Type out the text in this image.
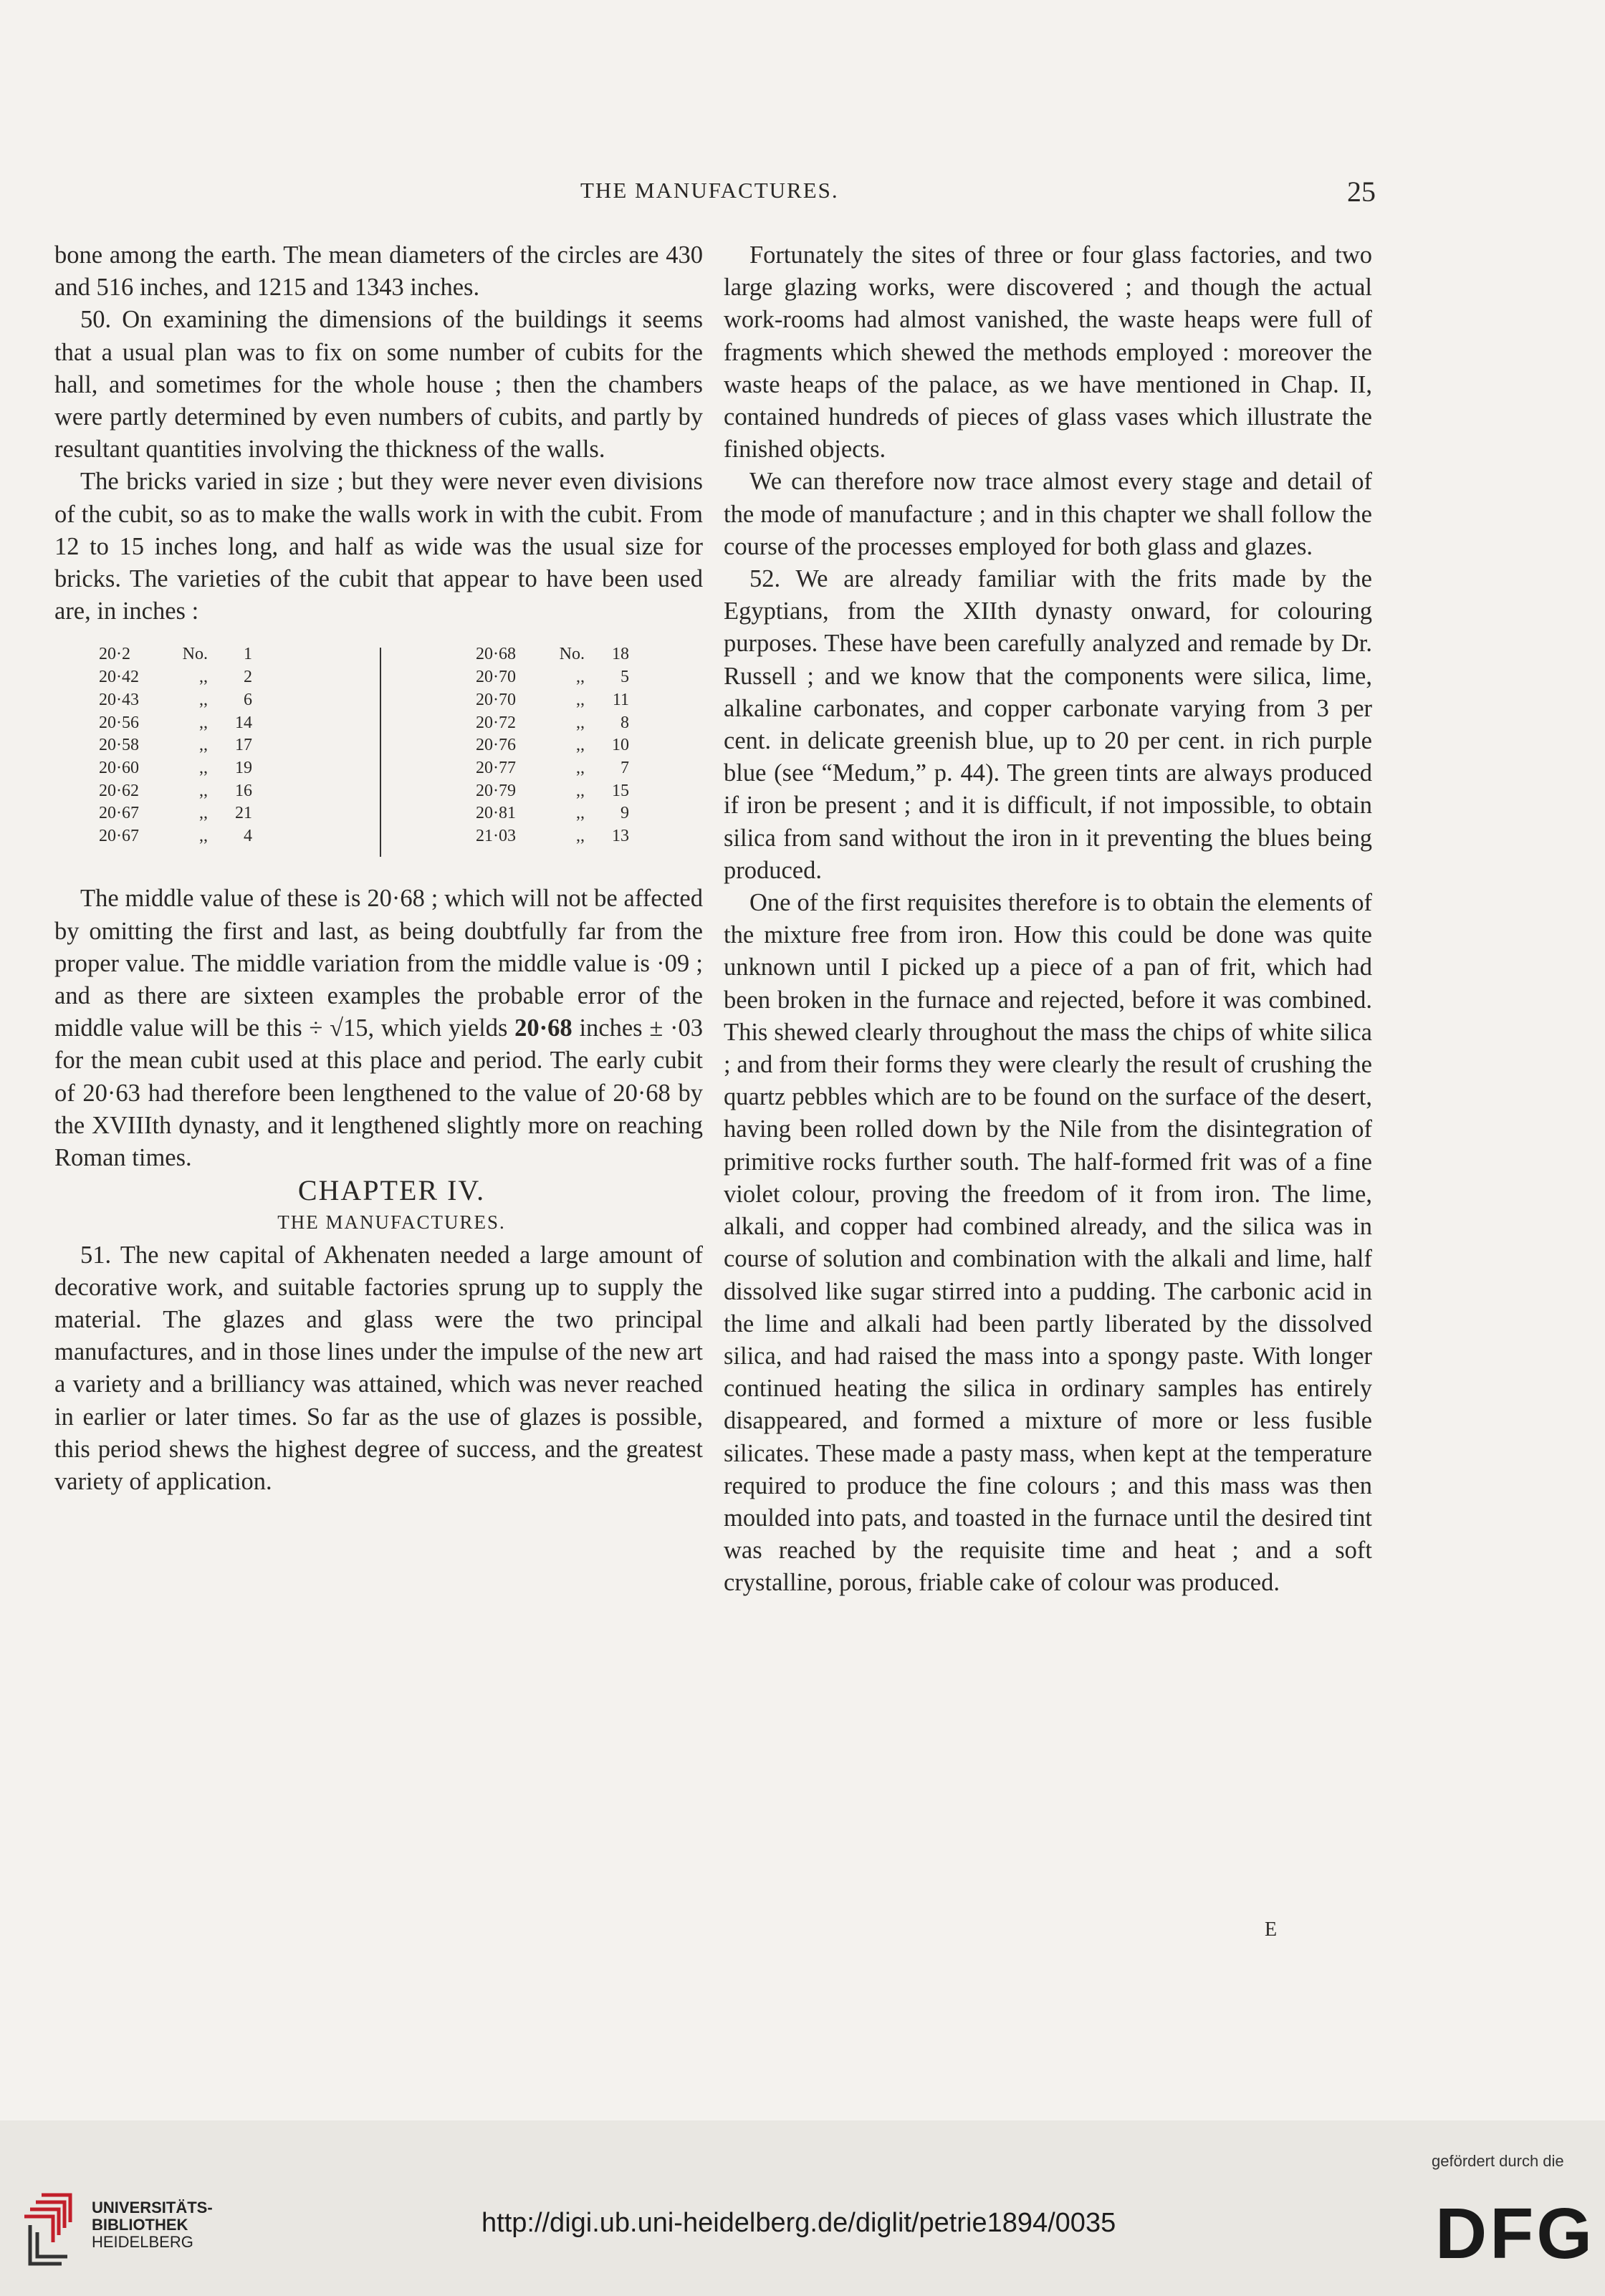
THE MANUFACTURES.	25

bone among the earth. The mean diameters of the circles are 430 and 516 inches, and 1215 and 1343 inches.

50. On examining the dimensions of the buildings it seems that a usual plan was to fix on some number of cubits for the hall, and sometimes for the whole house ; then the chambers were partly determined by even numbers of cubits, and partly by resultant quantities involving the thickness of the walls.

The bricks varied in size ; but they were never even divisions of the cubit, so as to make the walls work in with the cubit. From 12 to 15 inches long, and half as wide was the usual size for bricks. The varieties of the cubit that appear to have been used are, in inches :

20·2	No.	1
20·42	,,	2
20·43	,,	6
20·56	,,	14
20·58	,,	17
20·60	,,	19
20·62	,,	16
20·67	,,	21
20·67	,,	4
20·68	No.	18
20·70	,,	5
20·70	,,	11
20·72	,,	8
20·76	,,	10
20·77	,,	7
20·79	,,	15
20·81	,,	9
21·03	,,	13

The middle value of these is 20·68 ; which will not be affected by omitting the first and last, as being doubtfully far from the proper value. The middle variation from the middle value is ·09 ; and as there are sixteen examples the probable error of the middle value will be this ÷ √15, which yields 20·68 inches ± ·03 for the mean cubit used at this place and period. The early cubit of 20·63 had therefore been lengthened to the value of 20·68 by the XVIIIth dynasty, and it lengthened slightly more on reaching Roman times.

CHAPTER IV.

THE MANUFACTURES.

51. The new capital of Akhenaten needed a large amount of decorative work, and suitable factories sprung up to supply the material. The glazes and glass were the two principal manufactures, and in those lines under the impulse of the new art a variety and a brilliancy was attained, which was never reached in earlier or later times. So far as the use of glazes is possible, this period shews the highest degree of success, and the greatest variety of application.

Fortunately the sites of three or four glass factories, and two large glazing works, were discovered ; and though the actual work-rooms had almost vanished, the waste heaps were full of fragments which shewed the methods employed : moreover the waste heaps of the palace, as we have mentioned in Chap. II, contained hundreds of pieces of glass vases which illustrate the finished objects.

We can therefore now trace almost every stage and detail of the mode of manufacture ; and in this chapter we shall follow the course of the processes employed for both glass and glazes.

52. We are already familiar with the frits made by the Egyptians, from the XIIth dynasty onward, for colouring purposes. These have been carefully analyzed and remade by Dr. Russell ; and we know that the components were silica, lime, alkaline carbonates, and copper carbonate varying from 3 per cent. in delicate greenish blue, up to 20 per cent. in rich purple blue (see “Medum,” p. 44). The green tints are always produced if iron be present ; and it is difficult, if not impossible, to obtain silica from sand without the iron in it preventing the blues being produced.

One of the first requisites therefore is to obtain the elements of the mixture free from iron. How this could be done was quite unknown until I picked up a piece of a pan of frit, which had been broken in the furnace and rejected, before it was combined. This shewed clearly throughout the mass the chips of white silica ; and from their forms they were clearly the result of crushing the quartz pebbles which are to be found on the surface of the desert, having been rolled down by the Nile from the disintegration of primitive rocks further south. The half-formed frit was of a fine violet colour, proving the freedom of it from iron. The lime, alkali, and copper had combined already, and the silica was in course of solution and combination with the alkali and lime, half dissolved like sugar stirred into a pudding. The carbonic acid in the lime and alkali had been partly liberated by the dissolved silica, and had raised the mass into a spongy paste. With longer continued heating the silica in ordinary samples has entirely disappeared, and formed a mixture of more or less fusible silicates. These made a pasty mass, when kept at the temperature required to produce the fine colours ; and this mass was then moulded into pats, and toasted in the furnace until the desired tint was reached by the requisite time and heat ; and a soft crystalline, porous, friable cake of colour was produced.

E
UNIVERSITÄTS-
BIBLIOTHEK
HEIDELBERG
http://digi.ub.uni-heidelberg.de/diglit/petrie1894/0035
gefördert durch die
DFG
